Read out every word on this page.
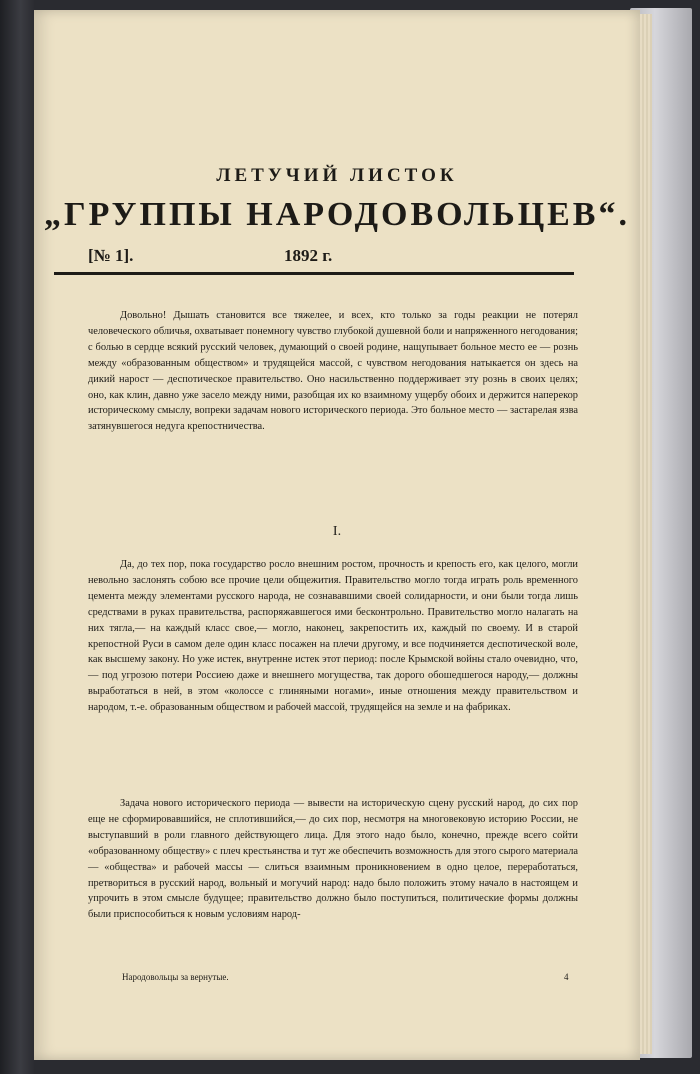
ЛЕТУЧИЙ ЛИСТОК
„ГРУППЫ НАРОДОВОЛЬЦЕВ“.
[№ 1].	1892 г.

Довольно! Дышать становится все тяжелее, и всех, кто только за годы реакции не потерял человеческого обличья, охватывает понемногу чувство глубокой душевной боли и напряженного негодования; с болью в сердце всякий русский человек, думающий о своей родине, нащупывает больное место ее — рознь между «образованным обществом» и трудящейся массой, с чувством негодования натыкается он здесь на дикий нарост — деспотическое правительство. Оно насильственно поддерживает эту рознь в своих целях; оно, как клин, давно уже засело между ними, разобщая их ко взаимному ущербу обоих и держится наперекор историческому смыслу, вопреки задачам нового исторического периода. Это больное место — застарелая язва затянувшегося недуга крепостничества.

I.

Да, до тех пор, пока государство росло внешним ростом, прочность и крепость его, как целого, могли невольно заслонять собою все прочие цели общежития. Правительство могло тогда играть роль временного цемента между элементами русского народа, не сознававшими своей солидарности, и они были тогда лишь средствами в руках правительства, распоряжавшегося ими бесконтрольно. Правительство могло налагать на них тягла,— на каждый класс свое,— могло, наконец, закрепостить их, каждый по своему. И в старой крепостной Руси в самом деле один класс посажен на плечи другому, и все подчиняется деспотической воле, как высшему закону. Но уже истек, внутренне истек этот период: после Крымской войны стало очевидно, что,— под угрозою потери Россиею даже и внешнего могущества, так дорого обошедшегося народу,— должны выработаться в ней, в этом «колоссе с глиняными ногами», иные отношения между правительством и народом, т.-е. образованным обществом и рабочей массой, трудящейся на земле и на фабриках.

Задача нового исторического периода — вывести на историческую сцену русский народ, до сих пор еще не сформировавшийся, не сплотившийся,— до сих пор, несмотря на многовековую историю России, не выступавший в роли главного действующего лица. Для этого надо было, конечно, прежде всего сойти «образованному обществу» с плеч крестьянства и тут же обеспечить возможность для этого сырого материала — «общества» и рабочей массы — слиться взаимным проникновением в одно целое, переработаться, претвориться в русский народ, вольный и могучий народ: надо было положить этому начало в настоящем и упрочить в этом смысле будущее; правительство должно было поступиться, политические формы должны были приспособиться к новым условиям народ-

Народовольцы за вернутые.	4
